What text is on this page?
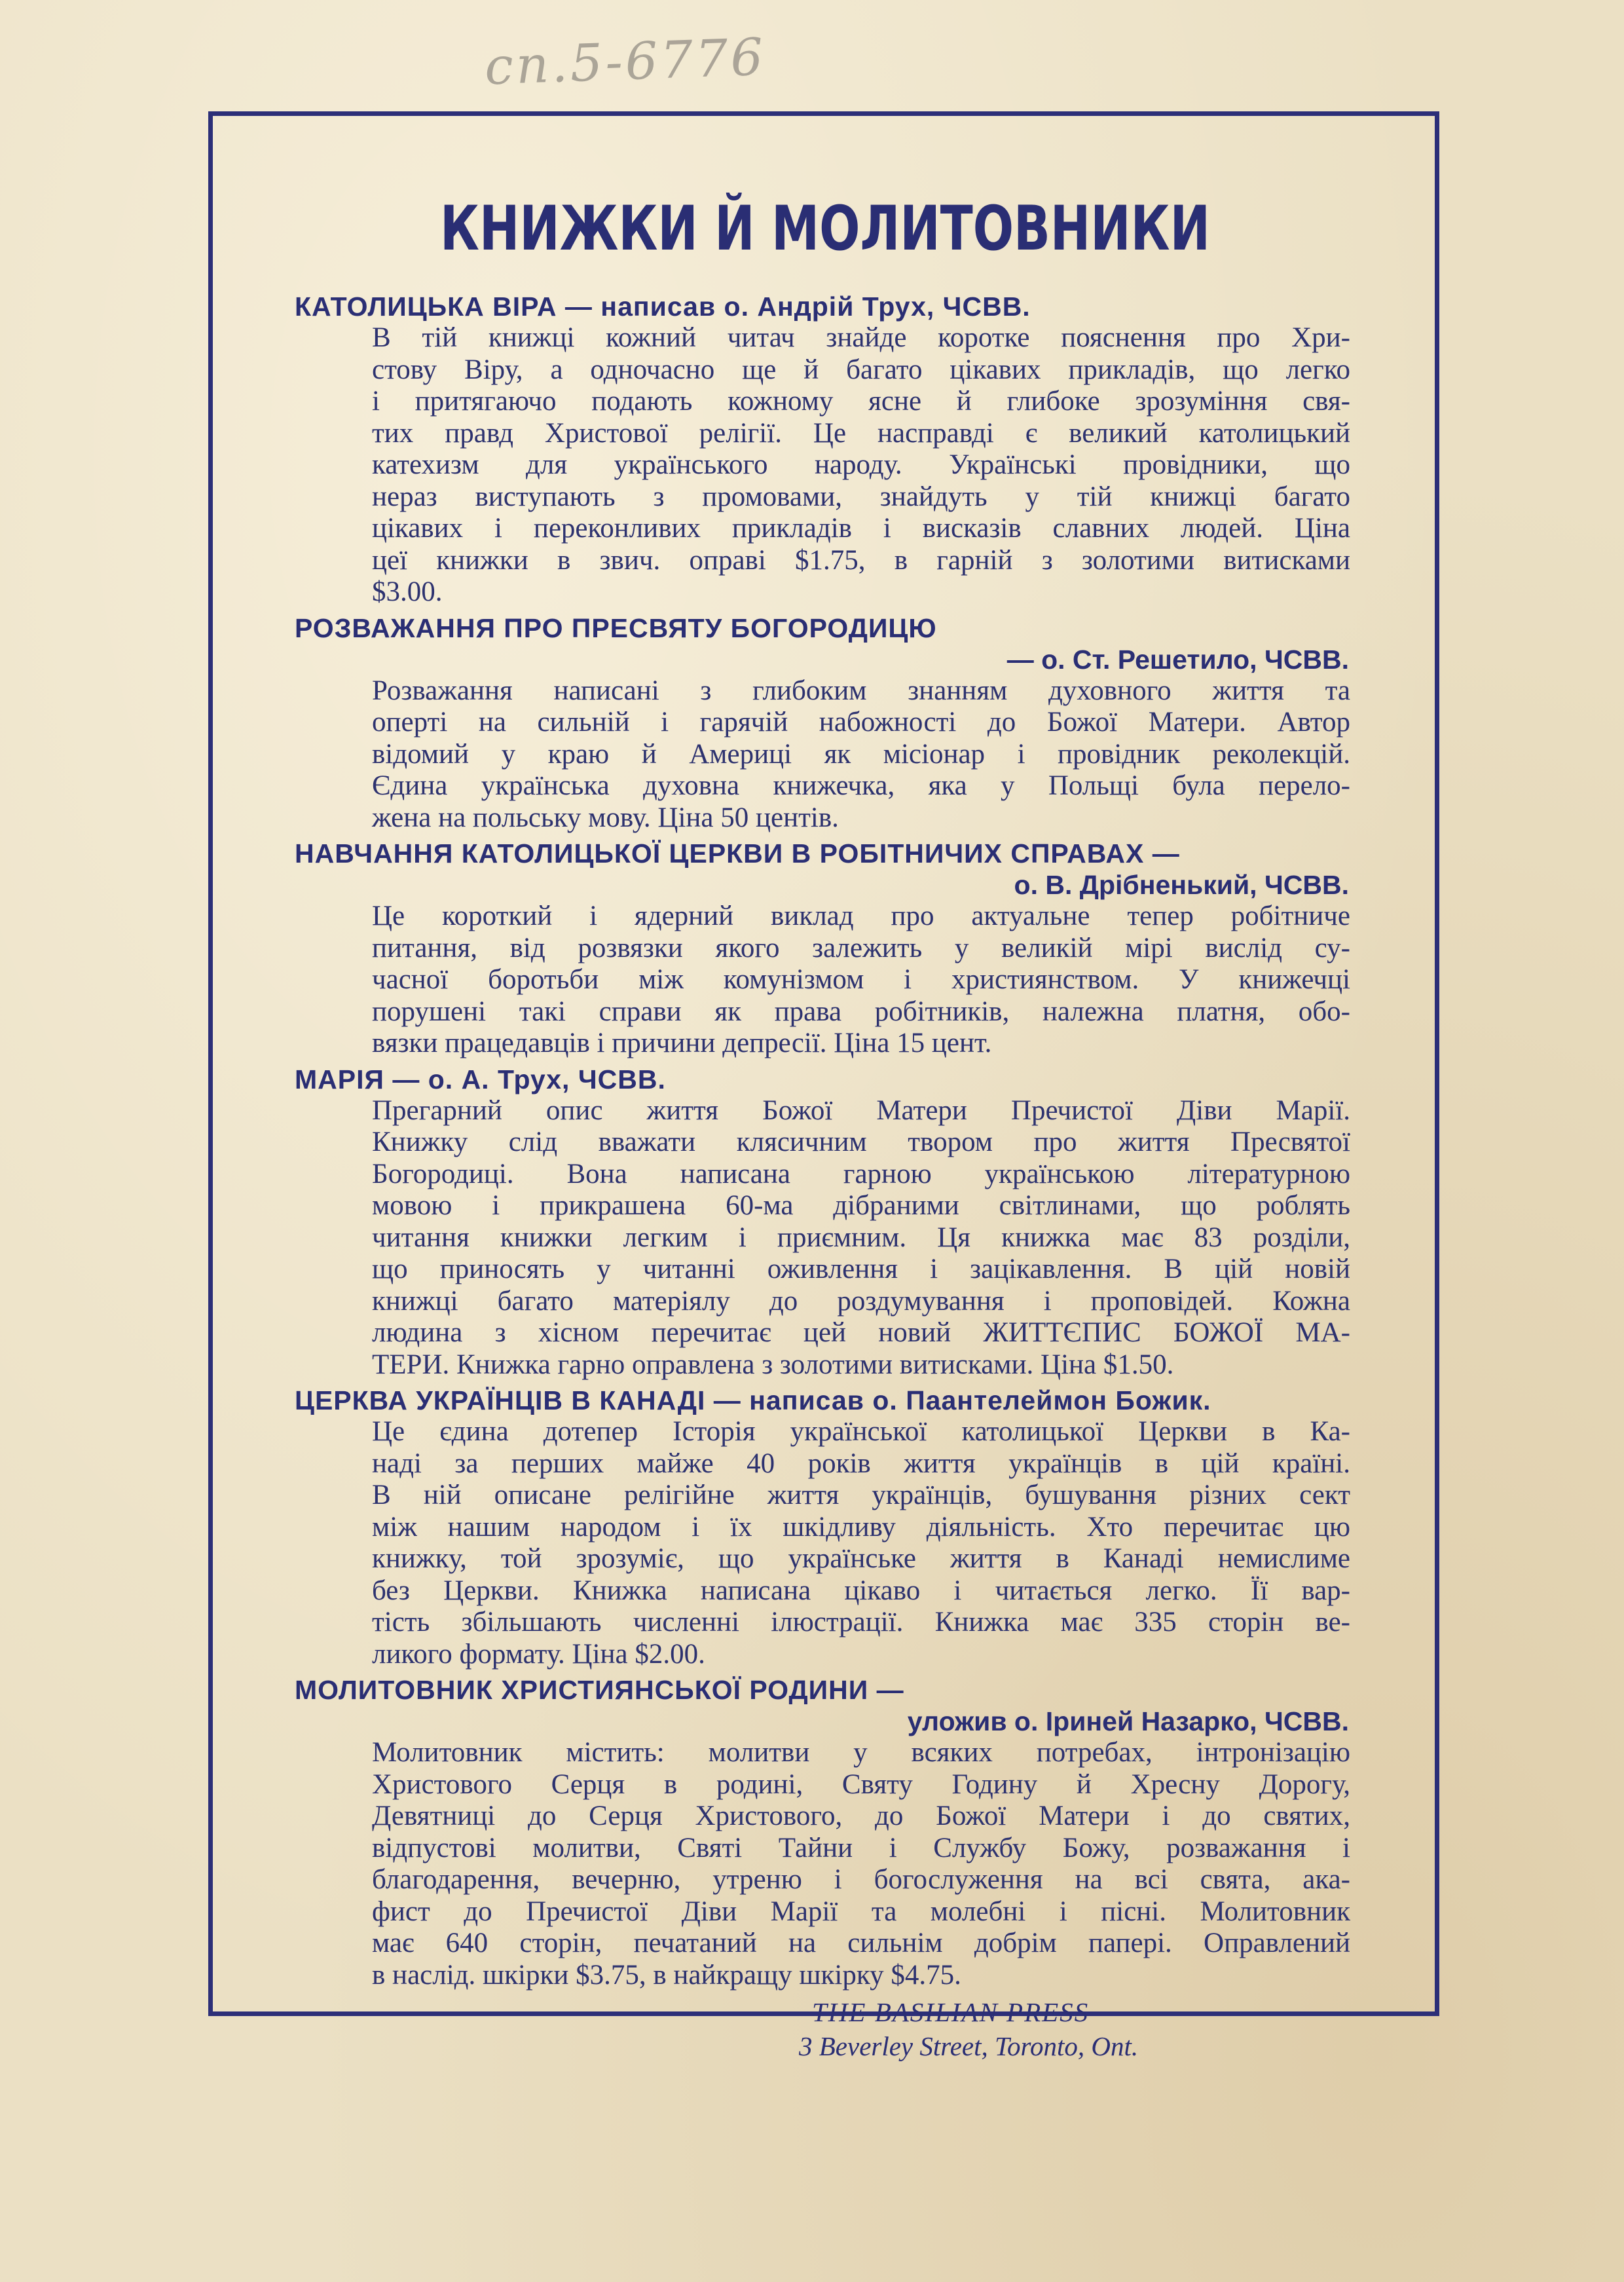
сп.5-6776
КНИЖКИ Й МОЛИТОВНИКИ
КАТОЛИЦЬКА ВІРА — написав о. Андрій Трух, ЧСВВ.
В тій книжці кожний читач знайде коротке пояснення про Хри-
стову Віру, а одночасно ще й багато цікавих прикладів, що легко
і притягаючо подають кожному ясне й глибоке зрозуміння свя-
тих правд Христової релігії. Це насправді є великий католицький
катехизм для українського народу. Українські провідники, що
нераз виступають з промовами, знайдуть у тій книжці багато
цікавих і переконливих прикладів і висказів славних людей. Ціна
цеї книжки в звич. оправі $1.75, в гарній з золотими витисками
$3.00.
РОЗВАЖАННЯ ПРО ПРЕСВЯТУ БОГОРОДИЦЮ
— о. Ст. Решетило, ЧСВВ.
Розважання написані з глибоким знанням духовного життя та
оперті на сильній і гарячій набожності до Божої Матери. Автор
відомий у краю й Америці як місіонар і провідник реколекцій.
Єдина українська духовна книжечка, яка у Польщі була перело-
жена на польську мову. Ціна 50 центів.
НАВЧАННЯ КАТОЛИЦЬКОЇ ЦЕРКВИ В РОБІТНИЧИХ СПРАВАХ —
о. В. Дрібненький, ЧСВВ.
Це короткий і ядерний виклад про актуальне тепер робітниче
питання, від розвязки якого залежить у великій мірі вислід су-
часної боротьби між комунізмом і християнством. У книжечці
порушені такі справи як права робітників, належна платня, обо-
вязки працедавців і причини депресії. Ціна 15 цент.
МАРІЯ — о. А. Трух, ЧСВВ.
Прегарний опис життя Божої Матери Пречистої Діви Марії.
Книжку слід вважати клясичним твором про життя Пресвятої
Богородиці. Вона написана гарною українською літературною
мовою і прикрашена 60-ма дібраними світлинами, що роблять
читання книжки легким і приємним. Ця книжка має 83 розділи,
що приносять у читанні оживлення і зацікавлення. В цій новій
книжці багато матеріялу до роздумування і проповідей. Кожна
людина з хісном перечитає цей новий ЖИТТЄПИС БОЖОЇ МА-
ТЕРИ. Книжка гарно оправлена з золотими витисками. Ціна $1.50.
ЦЕРКВА УКРАЇНЦІВ В КАНАДІ — написав о. Паантелеймон Божик.
Це єдина дотепер Історія української католицької Церкви в Ка-
наді за перших майже 40 років життя українців в цій країні.
В ній описане релігійне життя українців, бушування різних сект
між нашим народом і їх шкідливу діяльність. Хто перечитає цю
книжку, той зрозуміє, що українське життя в Канаді немислиме
без Церкви. Книжка написана цікаво і читається легко. Її вар-
тість збільшають численні ілюстрації. Книжка має 335 сторін ве-
ликого формату. Ціна $2.00.
МОЛИТОВНИК ХРИСТИЯНСЬКОЇ РОДИНИ —
уложив о. Іриней Назарко, ЧСВВ.
Молитовник містить: молитви у всяких потребах, інтронізацію
Христового Серця в родині, Святу Годину й Хресну Дорогу,
Девятниці до Серця Христового, до Божої Матери і до святих,
відпустові молитви, Святі Тайни і Службу Божу, розважання і
благодарення, вечерню, утреню і богослуження на всі свята, ака-
фист до Пречистої Діви Марії та молебні і пісні. Молитовник
має 640 сторін, печатаний на сильнім добрім папері. Оправлений
в наслід. шкірки $3.75, в найкращу шкірку $4.75.
THE BASILIAN PRESS
3 Beverley Street, Toronto, Ont.
